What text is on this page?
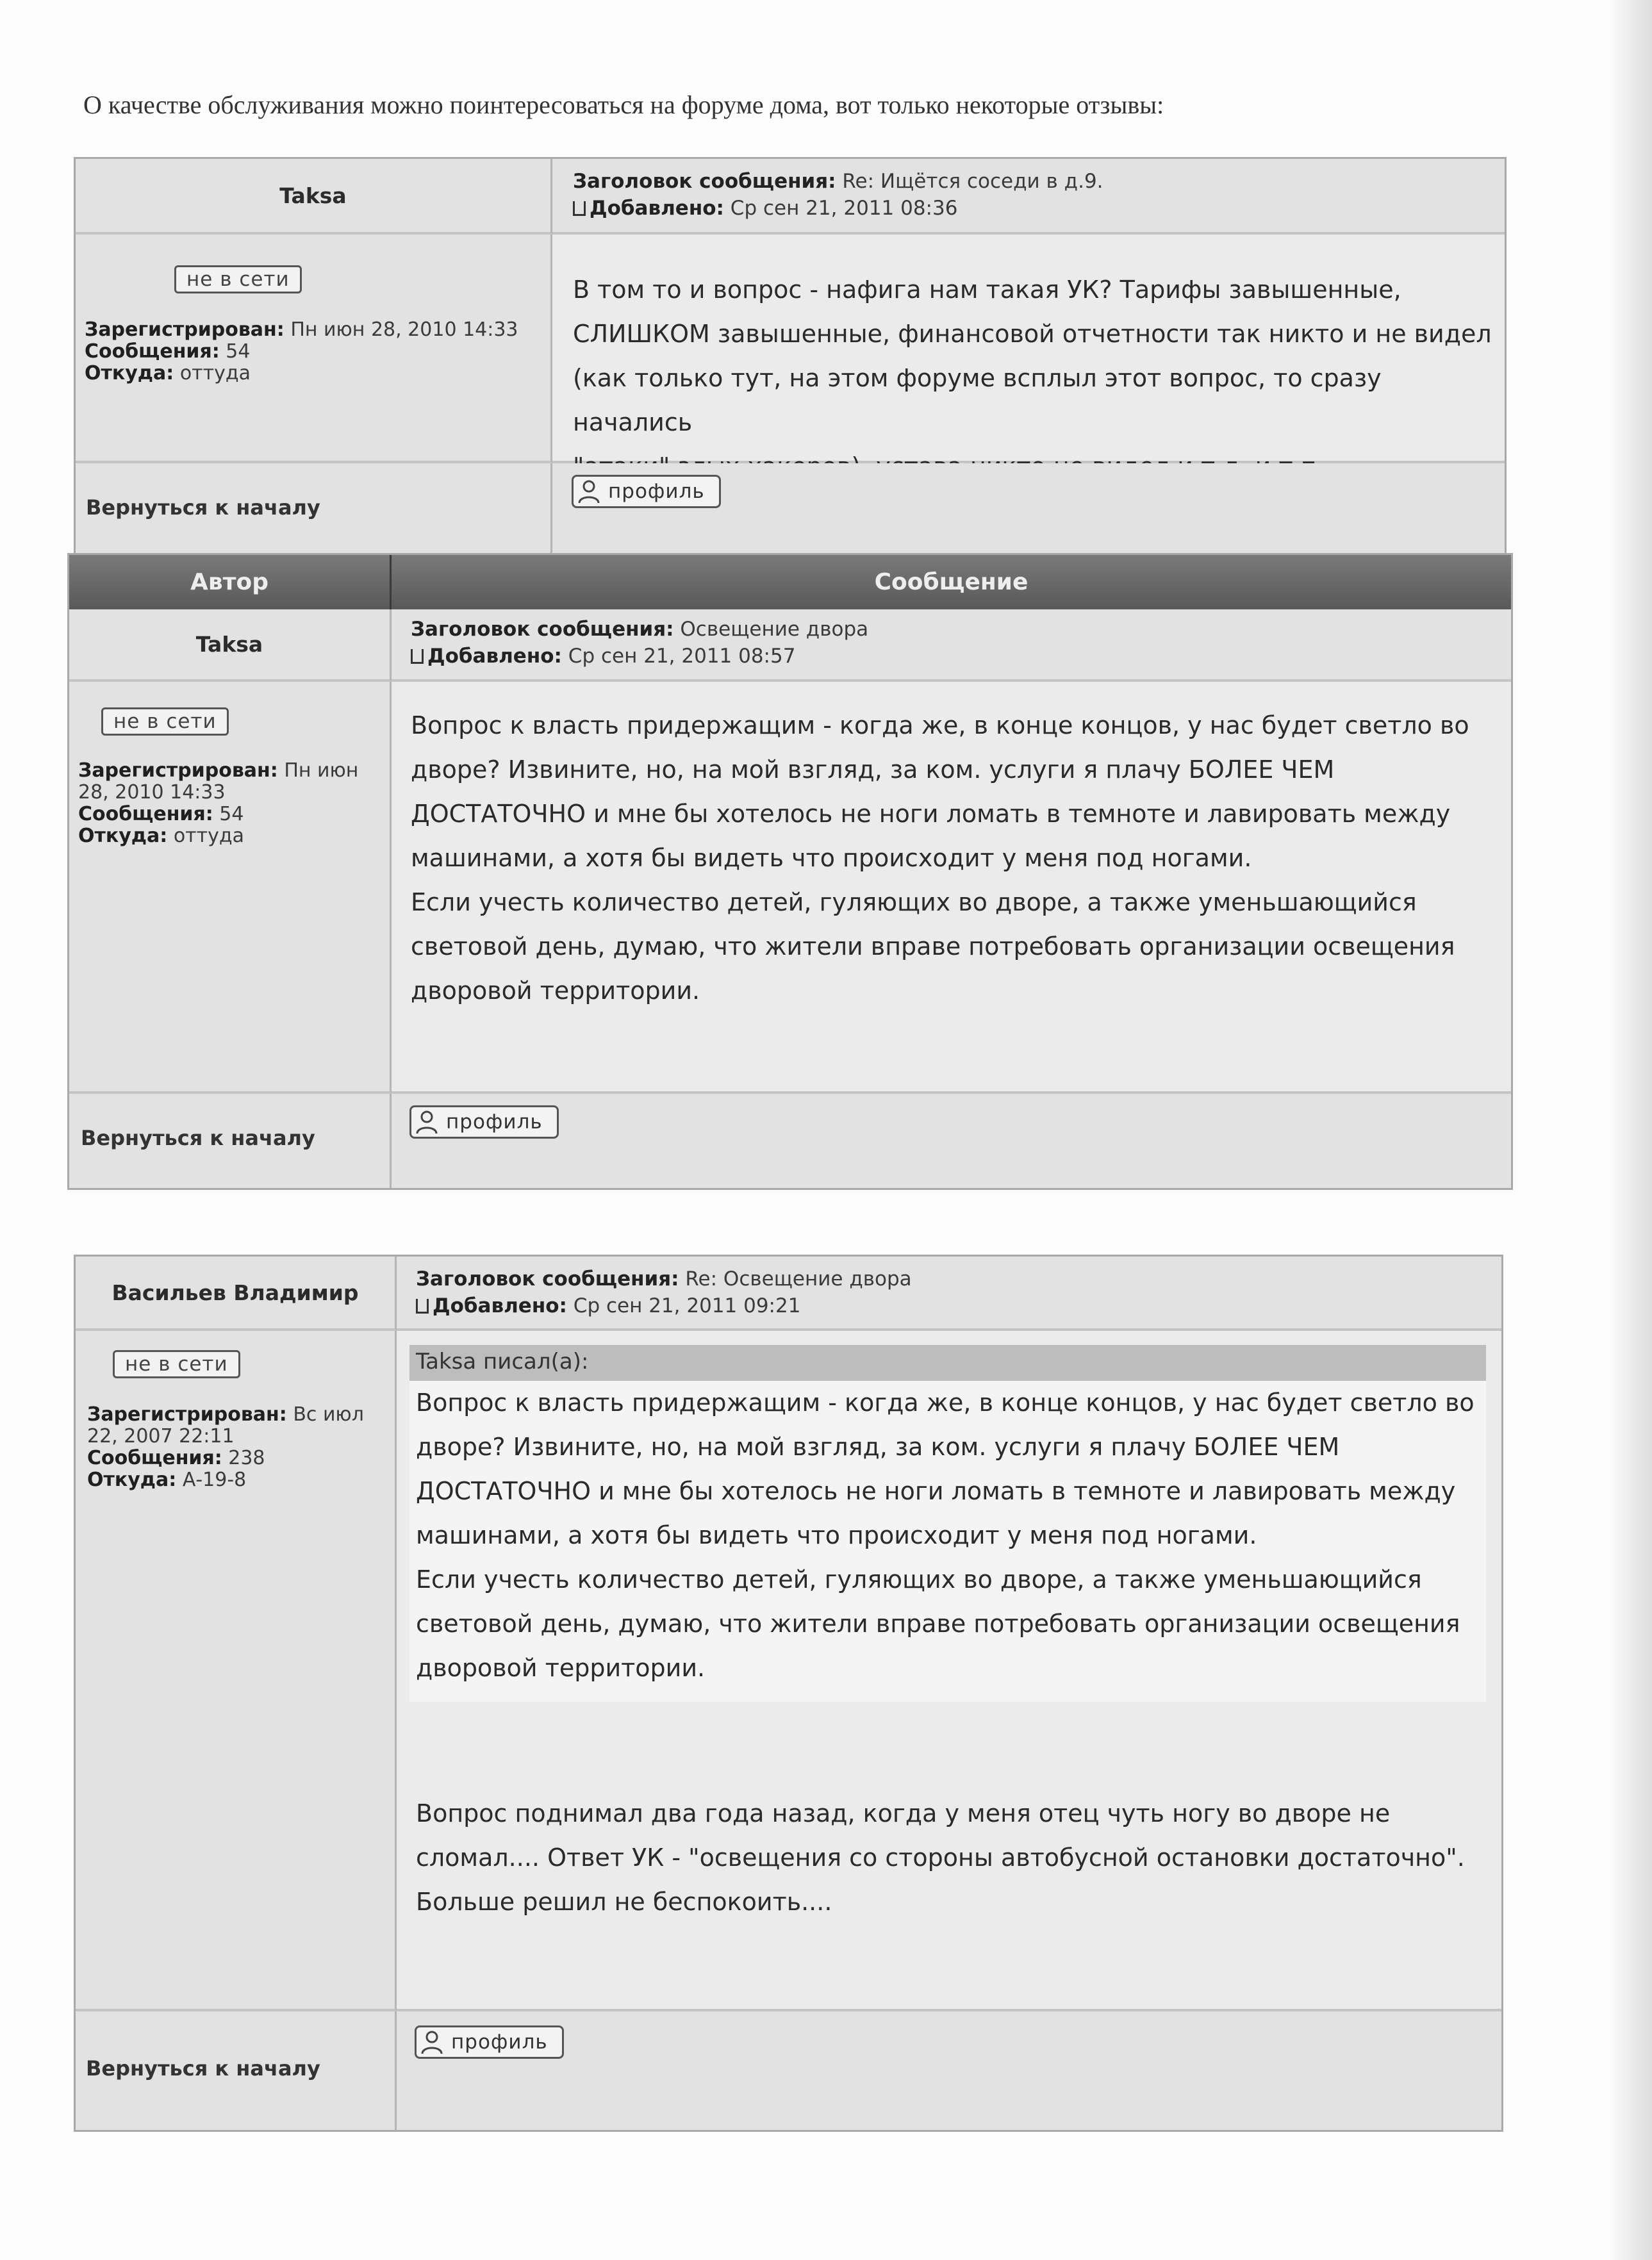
О качестве обслуживания можно поинтересоваться на форуме дома, вот только некоторые отзывы:
Taksa
Заголовок сообщения: Re: Ищётся соседи в д.9.
Добавлено: Ср сен 21, 2011 08:36
не в сети
Зарегистрирован: Пн июн 28, 2010 14:33
Сообщения: 54
Откуда: оттуда
В том то и вопрос - нафига нам такая УК? Тарифы завышенные,
СЛИШКОМ завышенные, финансовой отчетности так никто и не видел
(как только тут, на этом форуме всплыл этот вопрос, то сразу начались
Вернуться к началу
профиль
Автор	Сообщение
Taksa
Заголовок сообщения: Освещение двора
Добавлено: Ср сен 21, 2011 08:57
не в сети
Зарегистрирован: Пн июн 28, 2010 14:33
Сообщения: 54
Откуда: оттуда
Вопрос к власть придержащим - когда же, в конце концов, у нас будет светло во
дворе? Извините, но, на мой взгляд, за ком. услуги я плачу БОЛЕЕ ЧЕМ
ДОСТАТОЧНО и мне бы хотелось не ноги ломать в темноте и лавировать между
машинами, а хотя бы видеть что происходит у меня под ногами.
Если учесть количество детей, гуляющих во дворе, а также уменьшающийся
световой день, думаю, что жители вправе потребовать организации освещения
дворовой территории.
Вернуться к началу
профиль
Васильев Владимир
Заголовок сообщения: Re: Освещение двора
Добавлено: Ср сен 21, 2011 09:21
не в сети
Зарегистрирован: Вс июл 22, 2007 22:11
Сообщения: 238
Откуда: А-19-8
Taksa писал(а):
Вопрос к власть придержащим - когда же, в конце концов, у нас будет светло во
дворе? Извините, но, на мой взгляд, за ком. услуги я плачу БОЛЕЕ ЧЕМ
ДОСТАТОЧНО и мне бы хотелось не ноги ломать в темноте и лавировать между
машинами, а хотя бы видеть что происходит у меня под ногами.
Если учесть количество детей, гуляющих во дворе, а также уменьшающийся
световой день, думаю, что жители вправе потребовать организации освещения
дворовой территории.
Вопрос поднимал два года назад, когда у меня отец чуть ногу во дворе не
сломал.... Ответ УК - "освещения со стороны автобусной остановки достаточно".
Больше решил не беспокоить....
Вернуться к началу
профиль
